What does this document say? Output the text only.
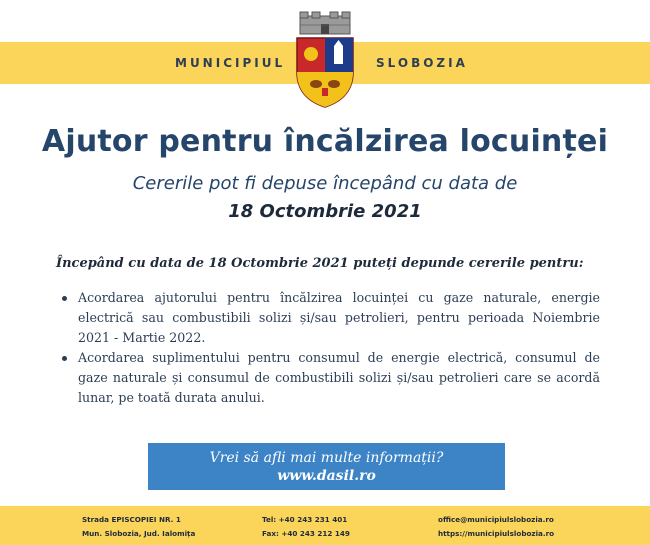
MUNICIPIUL	SLOBOZIA
Ajutor pentru încălzirea locuinței
Cererile pot fi depuse începând cu data de
18 Octombrie 2021
Începând cu data de 18 Octombrie 2021 puteți depunde cererile pentru:
Acordarea ajutorului pentru încălzirea locuinței cu gaze naturale, energie electrică sau combustibili solizi și/sau petrolieri, pentru perioada Noiembrie 2021 - Martie 2022.
Acordarea suplimentului pentru consumul de energie electrică, consumul de gaze naturale și consumul de combustibili solizi și/sau petrolieri care se acordă lunar, pe toată durata anului.
Vrei să afli mai multe informații?
www.dasil.ro
Strada EPISCOPIEI NR. 1
Mun. Slobozia, Jud. Ialomița
Tel: +40 243 231 401
Fax: +40 243 212 149
office@municipiulslobozia.ro
https://municipiulslobozia.ro
